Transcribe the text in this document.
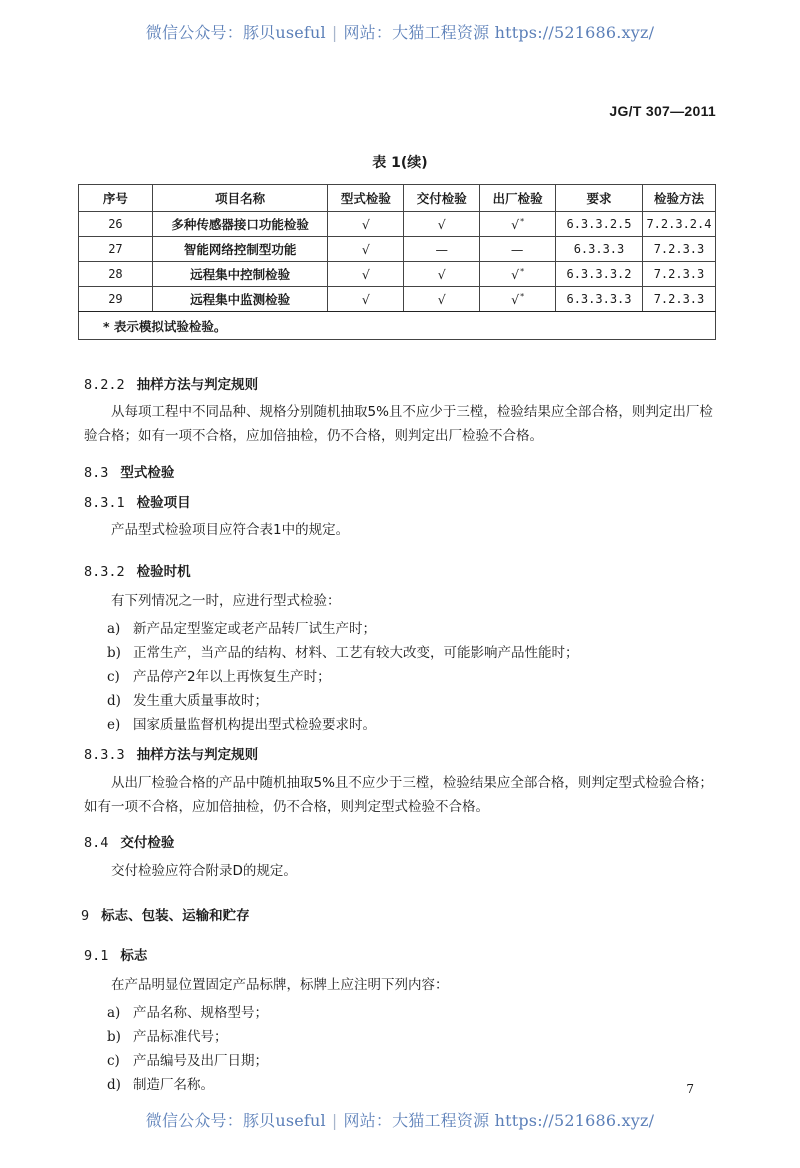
微信公众号：豚贝useful | 网站：大猫工程资源 https://521686.xyz/
JG/T 307—2011
表 1(续)
序号	项目名称	型式检验	交付检验	出厂检验	要求	检验方法
26	多种传感器接口功能检验	√	√	√*	6.3.3.2.5	7.2.3.2.4
27	智能网络控制型功能	√	—	—	6.3.3.3	7.2.3.3
28	远程集中控制检验	√	√	√*	6.3.3.3.2	7.2.3.3
29	远程集中监测检验	√	√	√*	6.3.3.3.3	7.2.3.3
* 表示模拟试验检验。						
8.2.2 抽样方法与判定规则
从每项工程中不同品种、规格分别随机抽取5%且不应少于三樘，检验结果应全部合格，则判定出厂检验合格；如有一项不合格，应加倍抽检，仍不合格，则判定出厂检验不合格。
8.3 型式检验
8.3.1 检验项目
产品型式检验项目应符合表1中的规定。
8.3.2 检验时机
有下列情况之一时，应进行型式检验：
a) 新产品定型鉴定或老产品转厂试生产时；
b) 正常生产，当产品的结构、材料、工艺有较大改变，可能影响产品性能时；
c) 产品停产2年以上再恢复生产时；
d) 发生重大质量事故时；
e) 国家质量监督机构提出型式检验要求时。
8.3.3 抽样方法与判定规则
从出厂检验合格的产品中随机抽取5%且不应少于三樘，检验结果应全部合格，则判定型式检验合格；如有一项不合格，应加倍抽检，仍不合格，则判定型式检验不合格。
8.4 交付检验
交付检验应符合附录D的规定。
9 标志、包装、运输和贮存
9.1 标志
在产品明显位置固定产品标牌，标牌上应注明下列内容：
a) 产品名称、规格型号；
b) 产品标准代号；
c) 产品编号及出厂日期；
d) 制造厂名称。	7
微信公众号：豚贝useful | 网站：大猫工程资源 https://521686.xyz/
